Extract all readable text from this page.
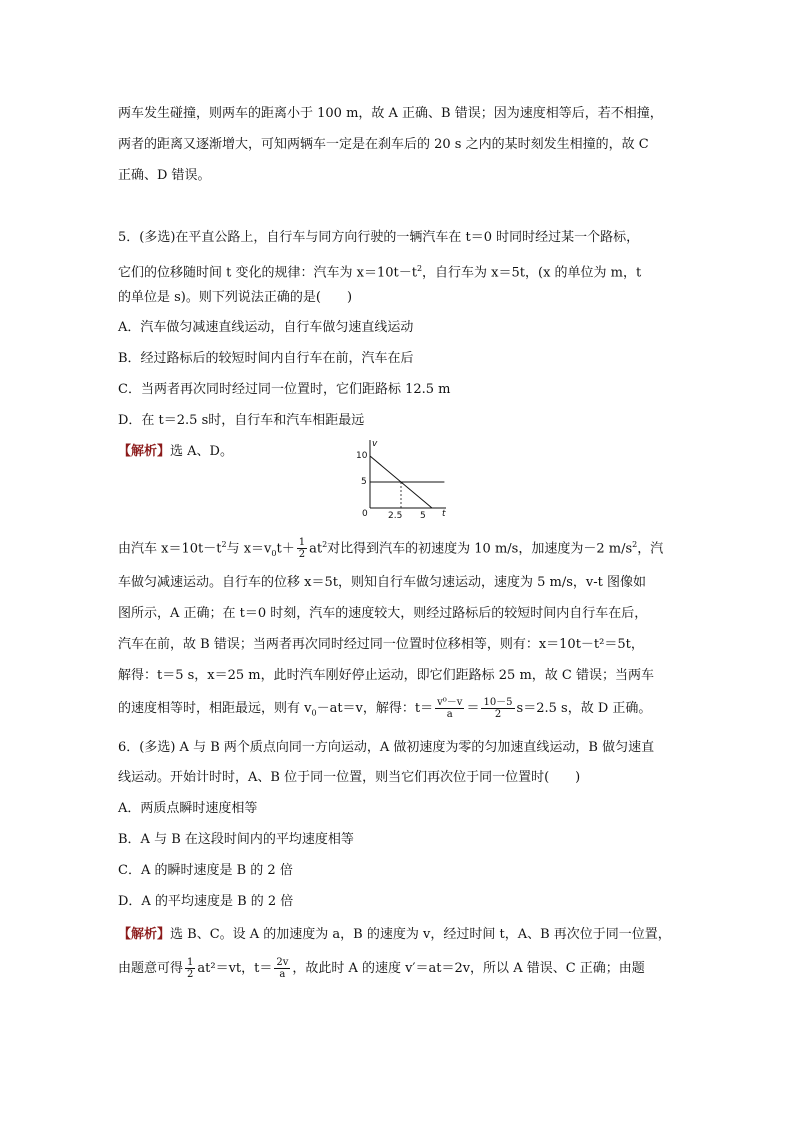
两车发生碰撞，则两车的距离小于 100 m，故 A 正确、B 错误；因为速度相等后，若不相撞，
两者的距离又逐渐增大，可知两辆车一定是在刹车后的 20 s 之内的某时刻发生相撞的，故 C
正确、D 错误。
5．(多选)在平直公路上，自行车与同方向行驶的一辆汽车在 t＝0 时同时经过某一个路标，
它们的位移随时间 t 变化的规律：汽车为 $x=10t-t^2$，自行车为 x＝5t，(x 的单位为 m，t
的单位是 s)。则下列说法正确的是(　　)
A．汽车做匀减速直线运动，自行车做匀速直线运动
B．经过路标后的较短时间内自行车在前，汽车在后
C．当两者再次同时经过同一位置时，它们距路标 12.5 m
D．在 t＝2.5 s时，自行车和汽车相距最远
【解析】选 A、D。	v
t
0
10
5
2.5 5
由汽车 $x=10t-t^2$与 $x=v_0t+ \frac{1}{2} at^2$对比得到汽车的初速度为 10 m/s，加速度为－2 $m/s^2$，汽
车做匀减速运动。自行车的位移 x＝5t，则知自行车做匀速运动，速度为 5 m/s，v-t 图像如
图所示，A 正确；在 t＝0 时刻，汽车的速度较大，则经过路标后的较短时间内自行车在后，
汽车在前，故 B 错误；当两者再次同时经过同一位置时位移相等，则有：x＝10t－t²＝5t，
解得：t＝5 s，x＝25 m，此时汽车刚好停止运动，即它们距路标 25 m，故 C 错误；当两车
的速度相等时，相距最远，则有 $v_0-at=v$，解得：$t= \frac{\text{v⁰－v}}{a} = \frac{10-5}{2} s=2.5$ s，故 D 正确。
6．(多选) A 与 B 两个质点向同一方向运动，A 做初速度为零的匀加速直线运动，B 做匀速直
线运动。开始计时时，A、B 位于同一位置，则当它们再次位于同一位置时(　　)
A．两质点瞬时速度相等
B．A 与 B 在这段时间内的平均速度相等
C．A 的瞬时速度是 B 的 2 倍
D．A 的平均速度是 B 的 2 倍
【解析】选 B、C。设 A 的加速度为 a，B 的速度为 v，经过时间 t，A、B 再次位于同一位置，
由题意可得 $\frac{1}{2} at^2=vt$，$t= \frac{2v}{a}$ ，故此时 A 的速度 v′＝at＝2v，所以 A 错误、C 正确；由题
